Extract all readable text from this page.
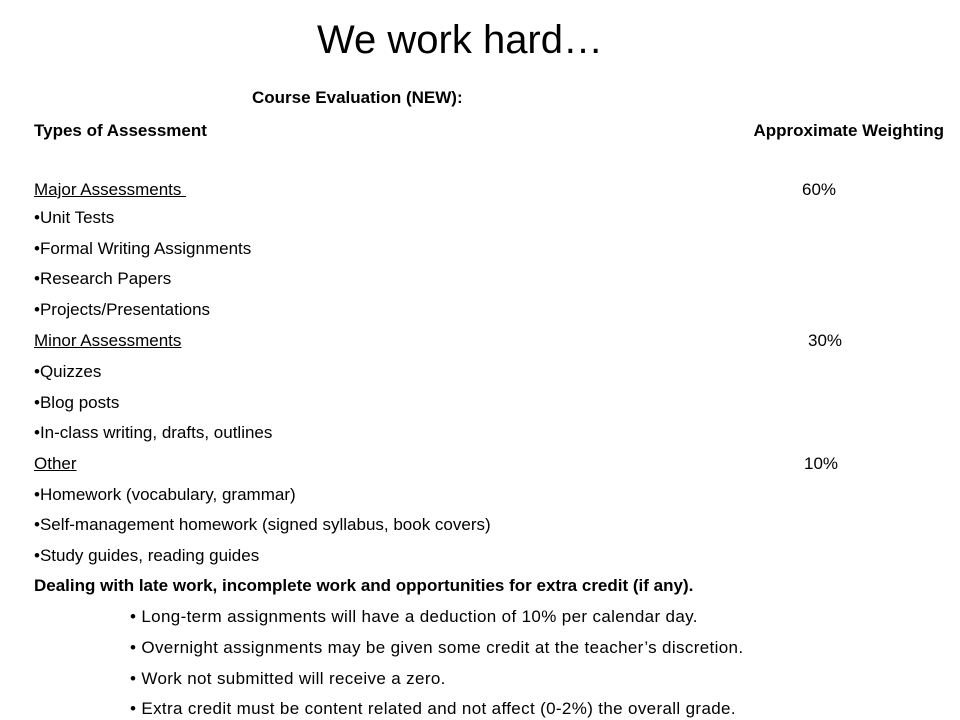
We work hard…
Course Evaluation (NEW):
Types of Assessment	Approximate Weighting
Major Assessments	60%
•Unit Tests
•Formal Writing Assignments
•Research Papers
•Projects/Presentations
Minor Assessments	30%
•Quizzes
•Blog posts
•In-class writing, drafts, outlines
Other	10%
•Homework (vocabulary, grammar)
•Self-management homework (signed syllabus, book covers)
•Study guides, reading guides
Dealing with late work, incomplete work and opportunities for extra credit (if any).
• Long-term assignments will have a deduction of 10% per calendar day.
• Overnight assignments may be given some credit at the teacher’s discretion.
• Work not submitted will receive a zero.
• Extra credit must be content related and not affect (0-2%) the overall grade.
